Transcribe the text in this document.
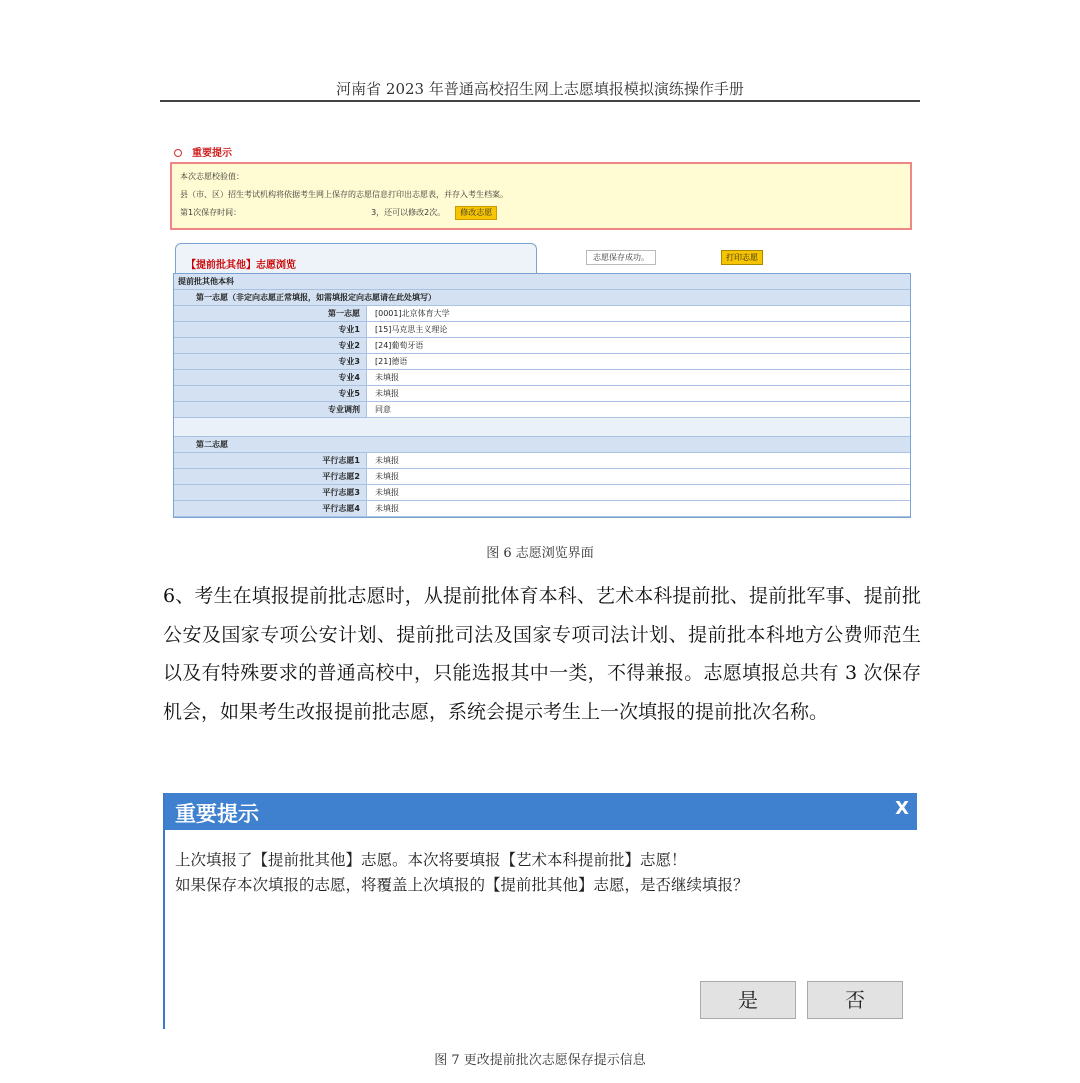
河南省 2023 年普通高校招生网上志愿填报模拟演练操作手册
重要提示
本次志愿校验值：
县（市、区）招生考试机构将依据考生网上保存的志愿信息打印出志愿表，并存入考生档案。
第1次保存时间：	3，还可以修改2次。 修改志愿
【提前批其他】志愿浏览
志愿保存成功。	打印志愿
提前批其他本科
第一志愿（非定向志愿正常填报，如需填报定向志愿请在此处填写）
第一志愿	[0001]北京体育大学
专业1	[15]马克思主义理论
专业2	[24]葡萄牙语
专业3	[21]德语
专业4	未填报
专业5	未填报
专业调剂	同意
第二志愿
平行志愿1	未填报
平行志愿2	未填报
平行志愿3	未填报
平行志愿4	未填报
图 6 志愿浏览界面
6、考生在填报提前批志愿时，从提前批体育本科、艺术本科提前批、提前批军事、提前批公安及国家专项公安计划、提前批司法及国家专项司法计划、提前批本科地方公费师范生以及有特殊要求的普通高校中，只能选报其中一类，不得兼报。志愿填报总共有 3 次保存机会，如果考生改报提前批志愿，系统会提示考生上一次填报的提前批次名称。
重要提示	X
上次填报了【提前批其他】志愿。本次将要填报【艺术本科提前批】志愿！
如果保存本次填报的志愿，将覆盖上次填报的【提前批其他】志愿，是否继续填报？
是	否
图 7 更改提前批次志愿保存提示信息
